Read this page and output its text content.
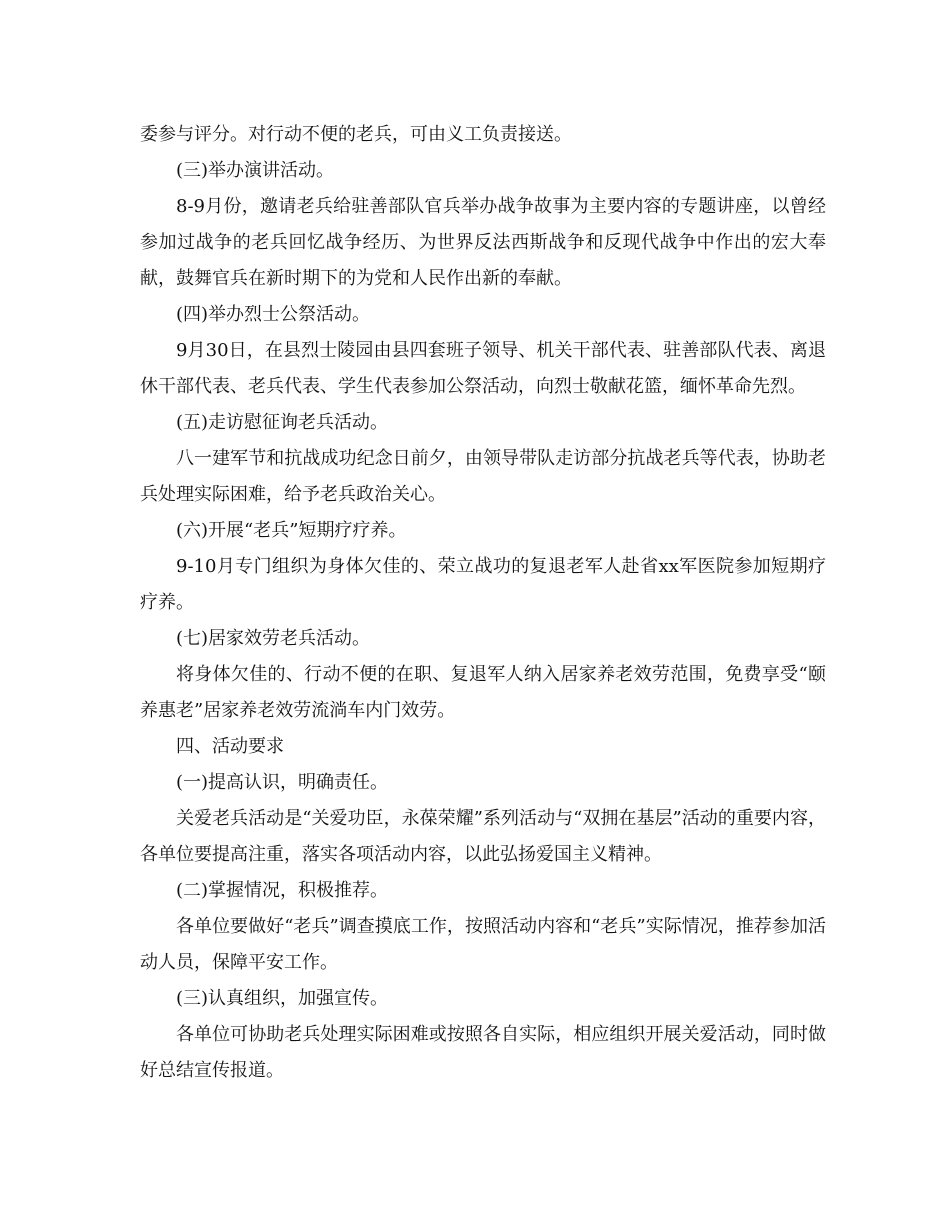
委参与评分。对行动不便的老兵，可由义工负责接送。

(三)举办演讲活动。

8-9月份，邀请老兵给驻善部队官兵举办战争故事为主要内容的专题讲座，以曾经参加过战争的老兵回忆战争经历、为世界反法西斯战争和反现代战争中作出的宏大奉献，鼓舞官兵在新时期下的为党和人民作出新的奉献。

(四)举办烈士公祭活动。

9月30日，在县烈士陵园由县四套班子领导、机关干部代表、驻善部队代表、离退休干部代表、老兵代表、学生代表参加公祭活动，向烈士敬献花篮，缅怀革命先烈。

(五)走访慰征询老兵活动。

八一建军节和抗战成功纪念日前夕，由领导带队走访部分抗战老兵等代表，协助老兵处理实际困难，给予老兵政治关心。

(六)开展“老兵”短期疗疗养。

9-10月专门组织为身体欠佳的、荣立战功的复退老军人赴省xx军医院参加短期疗疗养。

(七)居家效劳老兵活动。

将身体欠佳的、行动不便的在职、复退军人纳入居家养老效劳范围，免费享受“颐养惠老”居家养老效劳流淌车内门效劳。

四、活动要求

(一)提高认识，明确责任。

关爱老兵活动是“关爱功臣，永葆荣耀”系列活动与“双拥在基层”活动的重要内容，各单位要提高注重，落实各项活动内容，以此弘扬爱国主义精神。

(二)掌握情况，积极推荐。

各单位要做好“老兵”调查摸底工作，按照活动内容和“老兵”实际情况，推荐参加活动人员，保障平安工作。

(三)认真组织，加强宣传。

各单位可协助老兵处理实际困难或按照各自实际，相应组织开展关爱活动，同时做好总结宣传报道。
